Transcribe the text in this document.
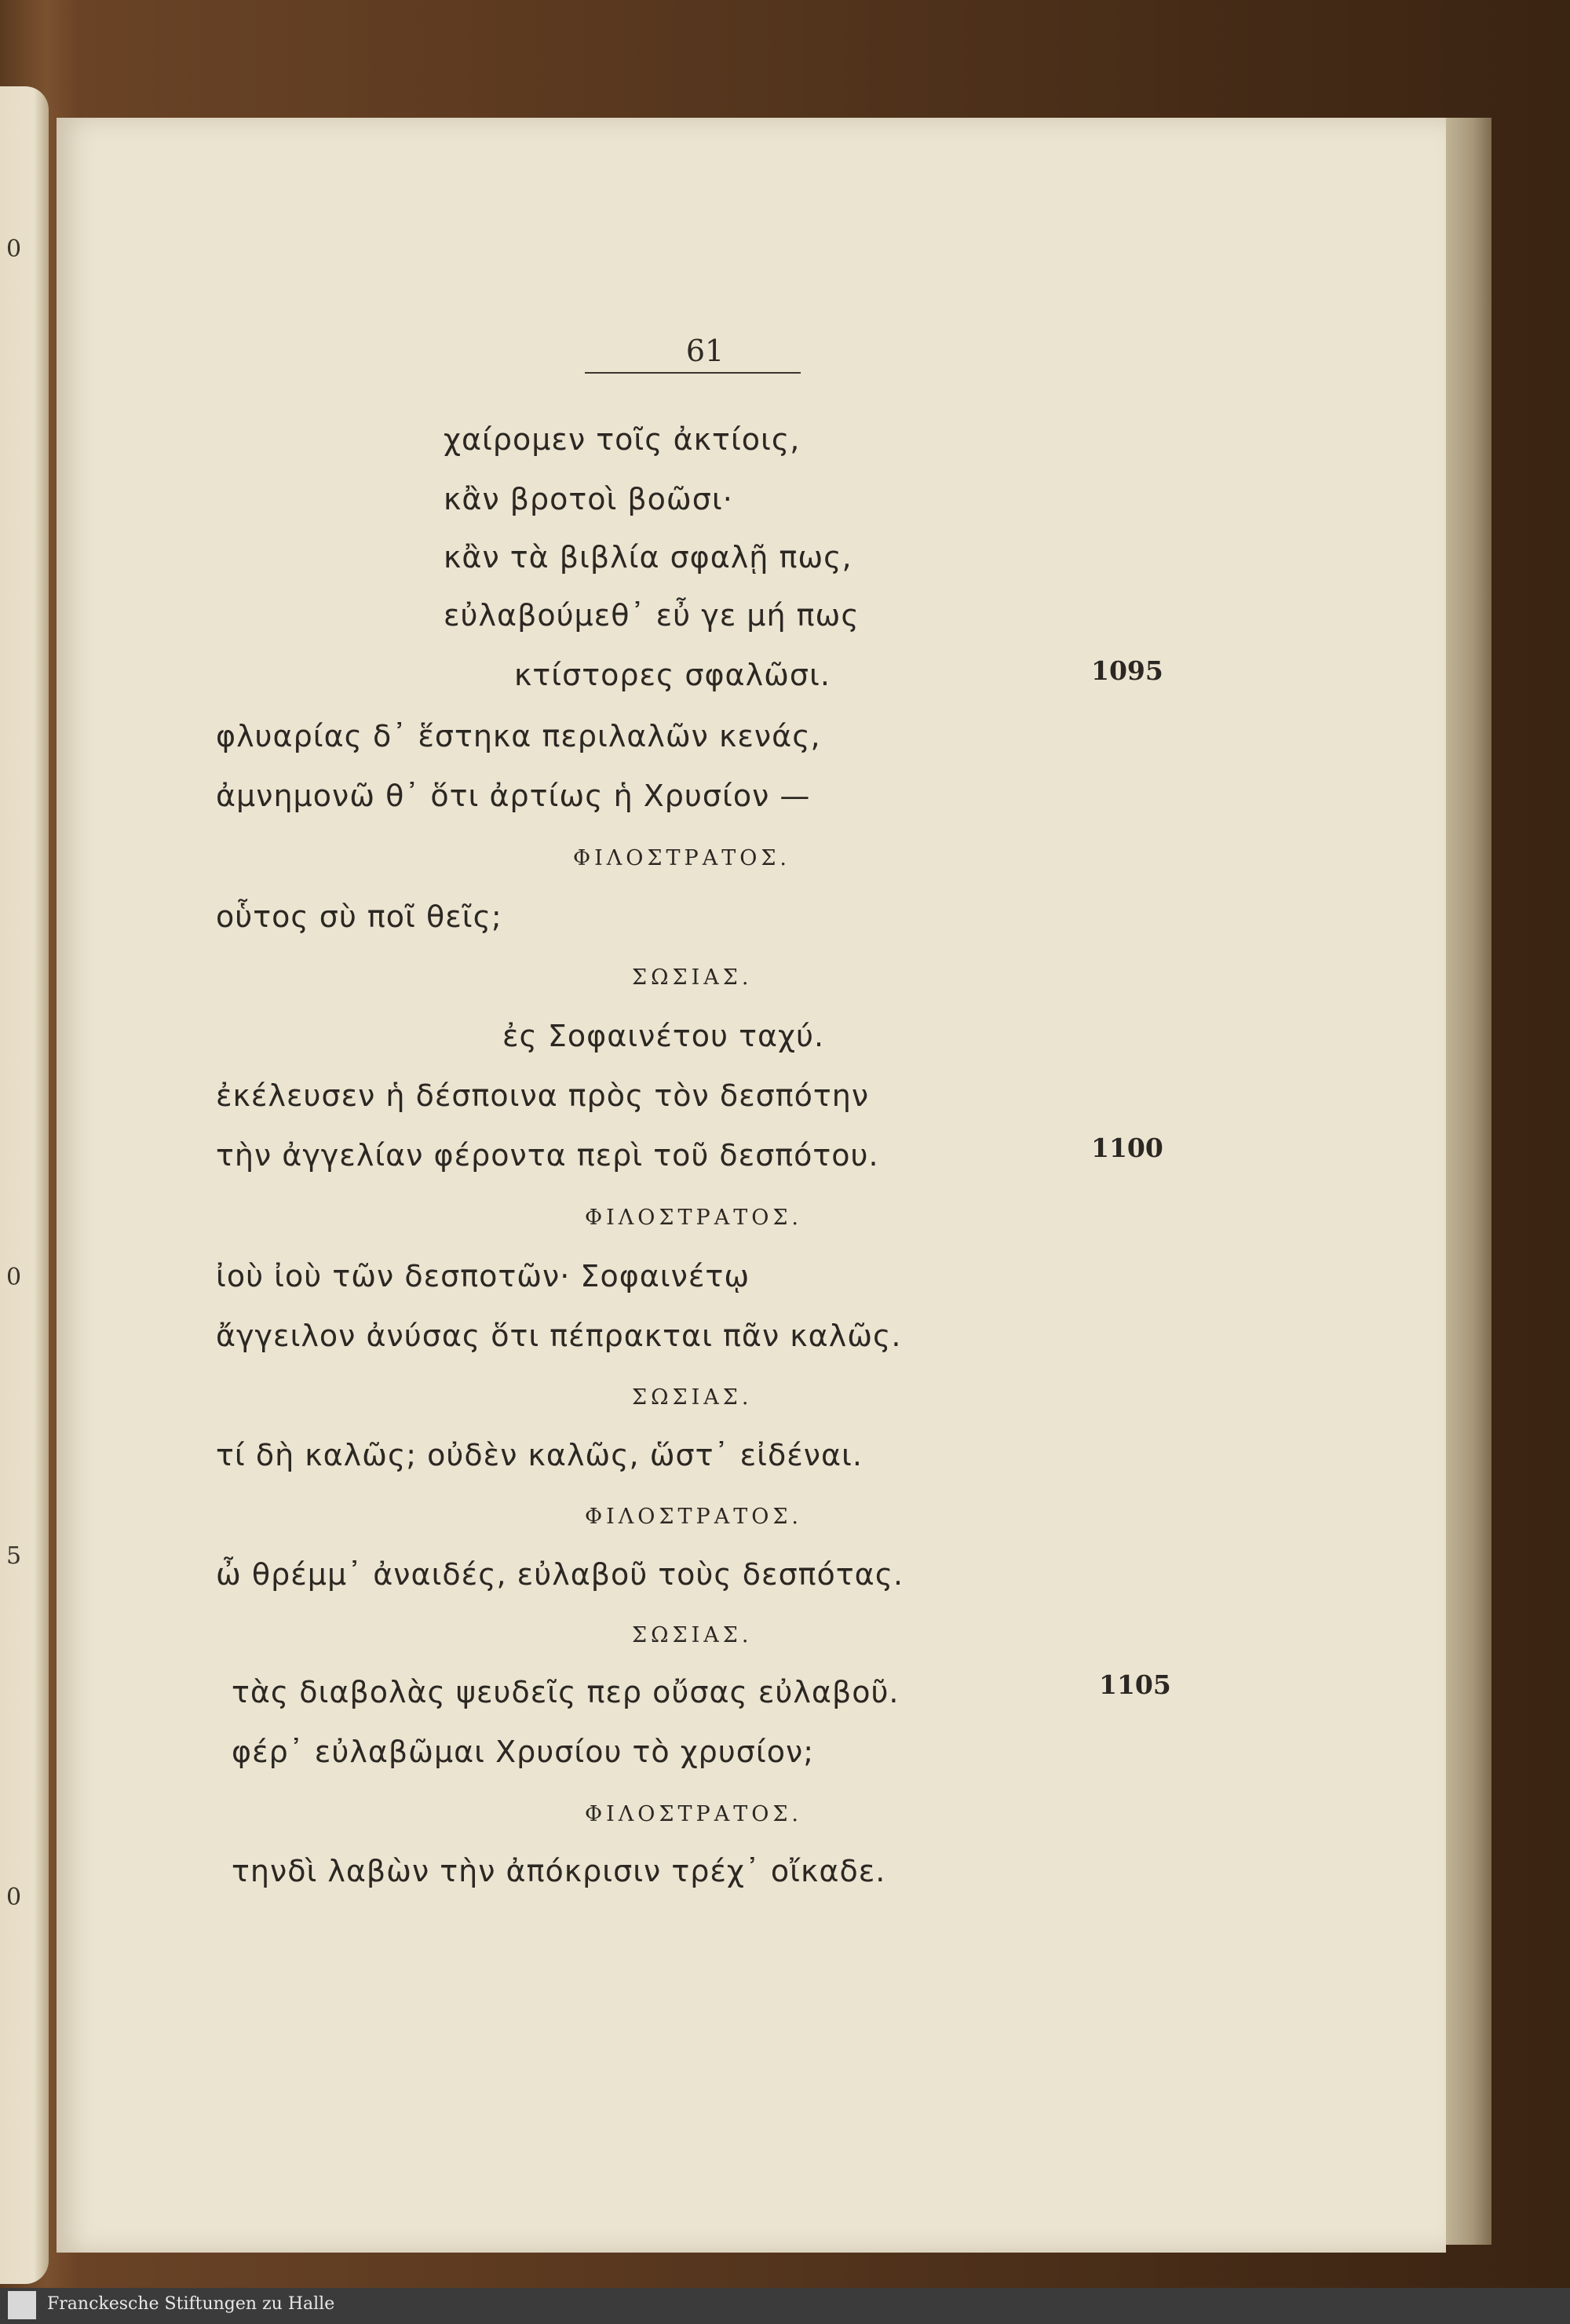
0
0
5
0
61
χαίρομεν τοῖς ἀκτίοις,
κἂν βροτοὶ βοῶσι·
κἂν τὰ βιβλία σφαλῇ πως,
εὐλαβούμεθ᾽ εὖ γε μή πως
κτίστορες σφαλῶσι.
φλυαρίας δ᾽ ἕστηκα περιλαλῶν κενάς,
ἀμνημονῶ θ᾽ ὅτι ἀρτίως ἡ Χρυσίον —
ΦΙΛΟΣΤΡΑΤΟΣ.
οὗτος σὺ ποῖ θεῖς;
ΣΩΣΙΑΣ.
ἐς Σοφαινέτου ταχύ.
ἐκέλευσεν ἡ δέσποινα πρὸς τὸν δεσπότην
τὴν ἀγγελίαν φέροντα περὶ τοῦ δεσπότου.
ΦΙΛΟΣΤΡΑΤΟΣ.
ἰοὺ ἰοὺ τῶν δεσποτῶν· Σοφαινέτῳ
ἄγγειλον ἀνύσας ὅτι πέπρακται πᾶν καλῶς.
ΣΩΣΙΑΣ.
τί δὴ καλῶς; οὐδὲν καλῶς, ὥστ᾽ εἰδέναι.
ΦΙΛΟΣΤΡΑΤΟΣ.
ὦ θρέμμ᾽ ἀναιδές, εὐλαβοῦ τοὺς δεσπότας.
ΣΩΣΙΑΣ.
τὰς διαβολὰς ψευδεῖς περ οὔσας εὐλαβοῦ.
φέρ᾽ εὐλαβῶμαι Χρυσίου τὸ χρυσίον;
ΦΙΛΟΣΤΡΑΤΟΣ.
τηνδὶ λαβὼν τὴν ἀπόκρισιν τρέχ᾽ οἴκαδε.
1095
1100
1105
Franckesche Stiftungen zu Halle
